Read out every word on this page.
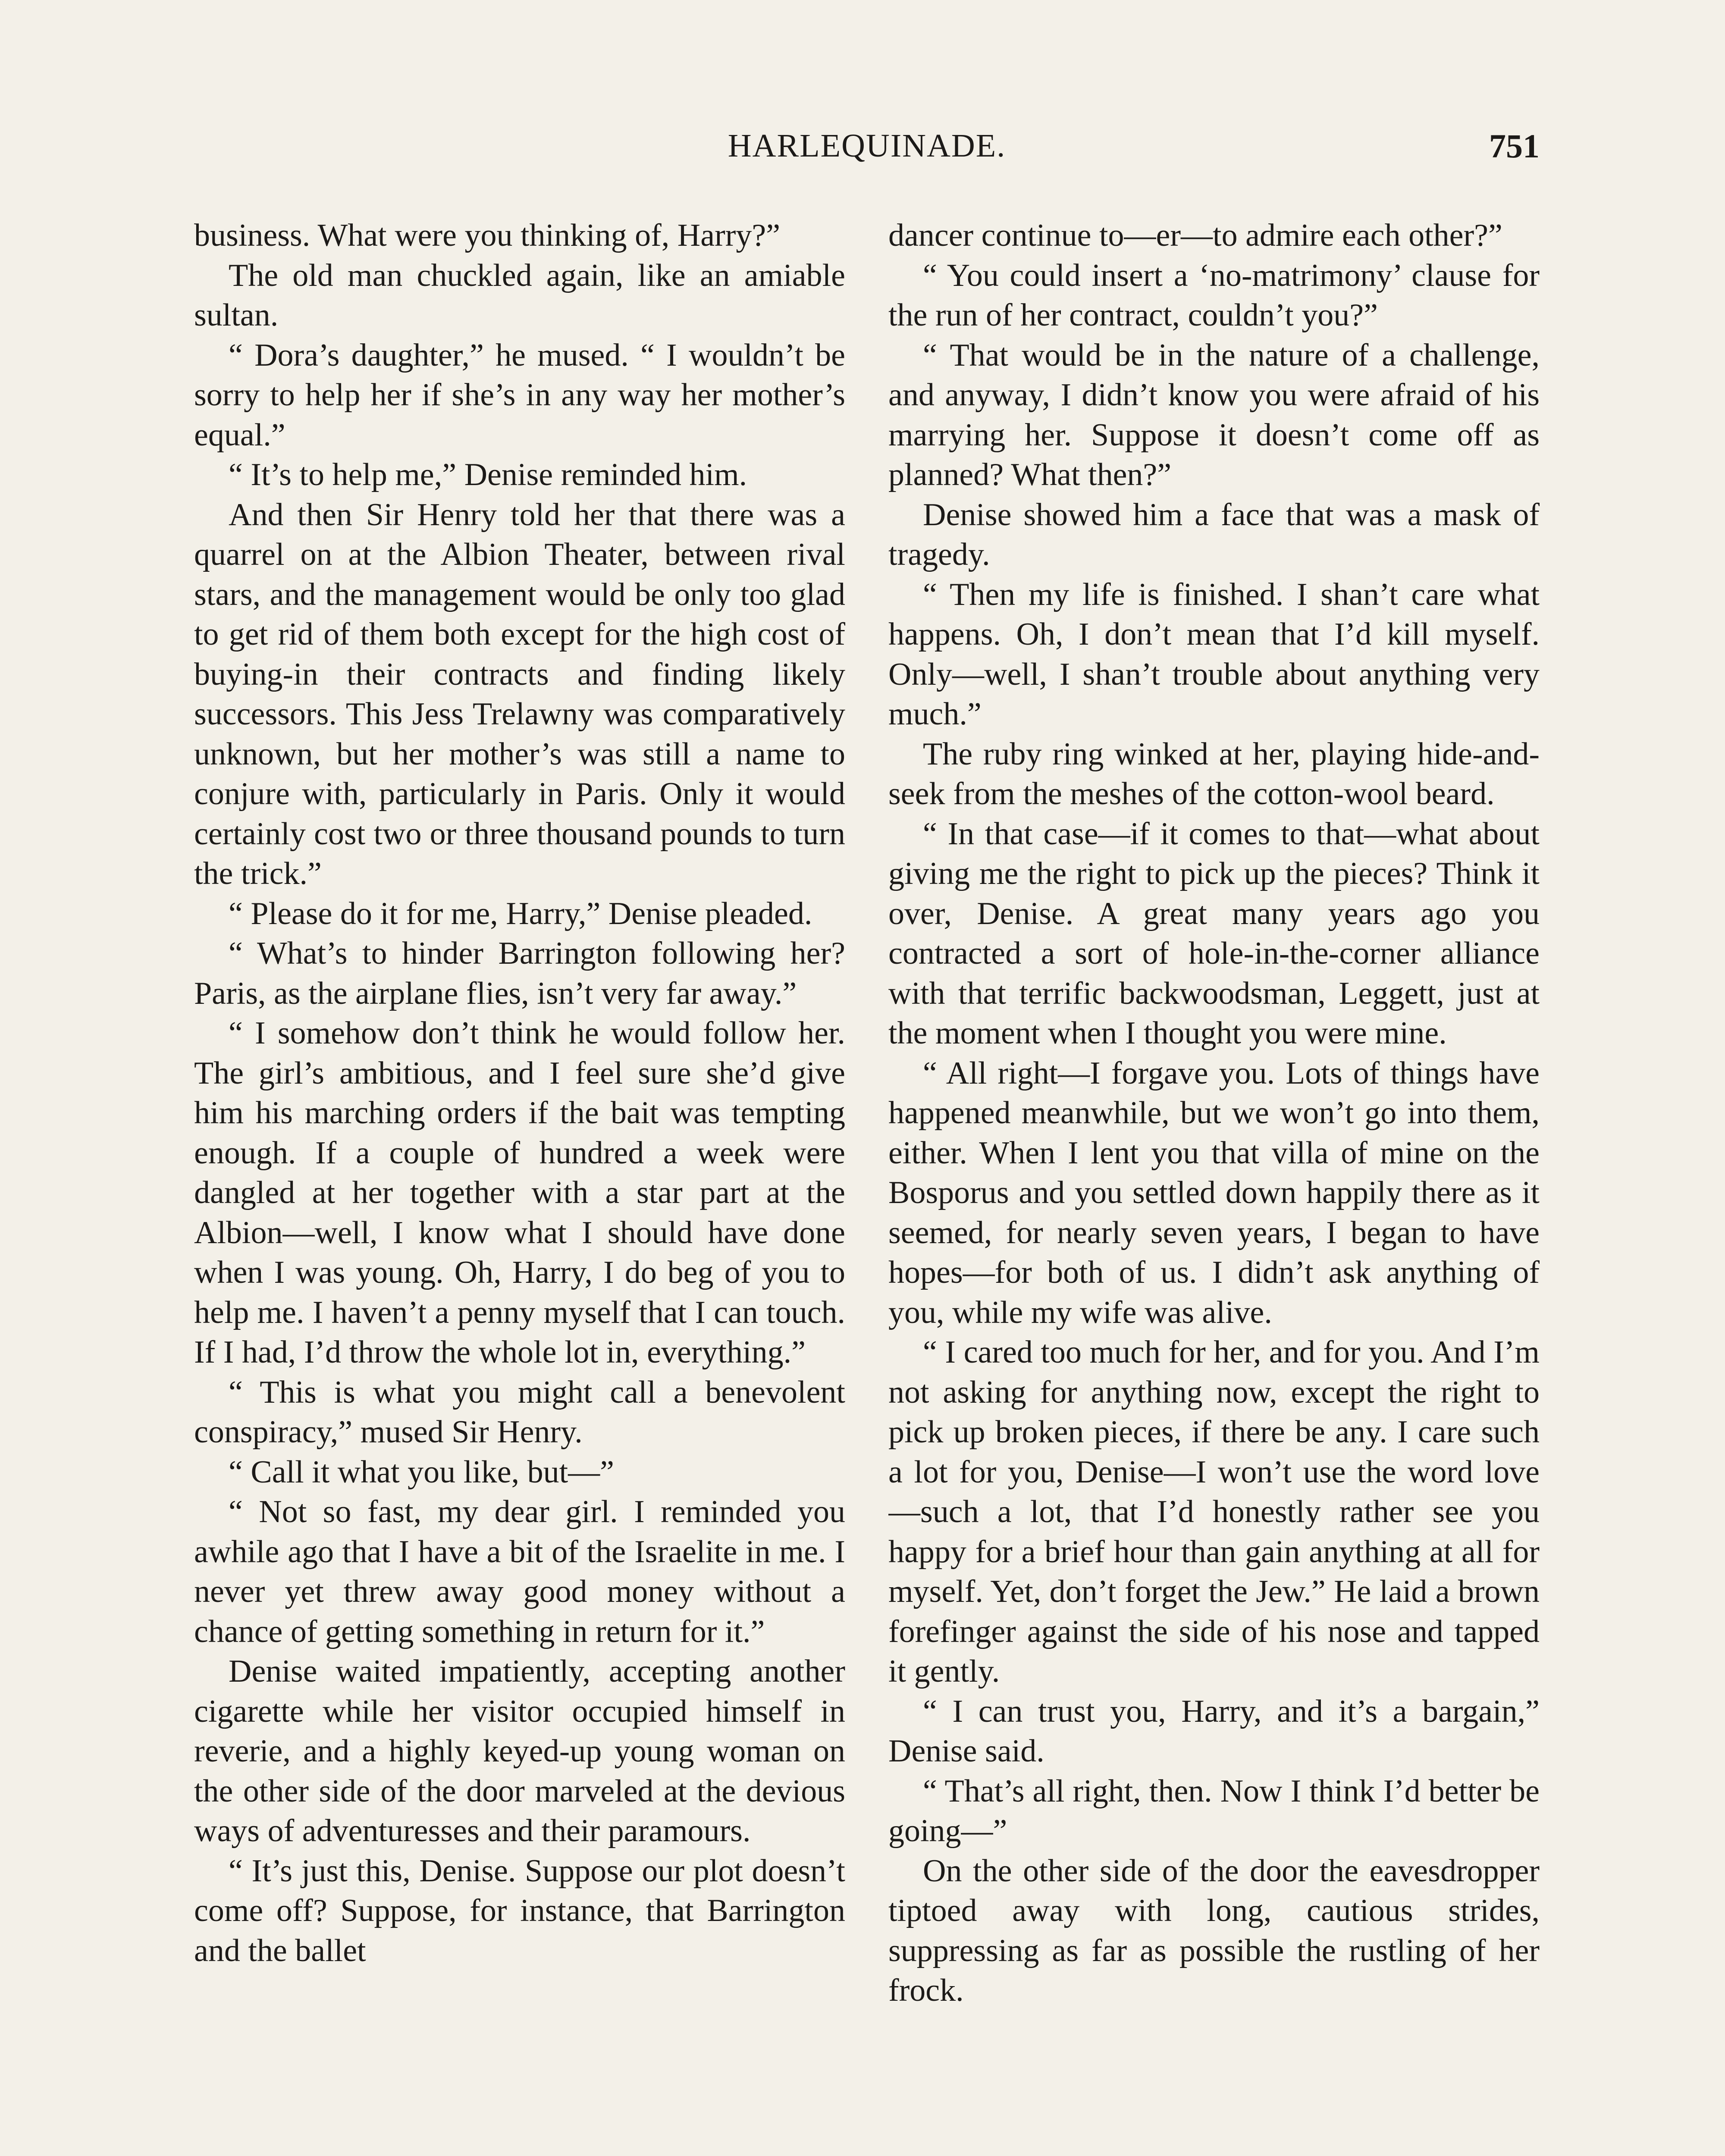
HARLEQUINADE.	751

business. What were you thinking of, Harry?”

The old man chuckled again, like an amiable sultan.

“ Dora’s daughter,” he mused. “ I wouldn’t be sorry to help her if she’s in any way her mother’s equal.”

“ It’s to help me,” Denise reminded him.

And then Sir Henry told her that there was a quarrel on at the Albion Theater, between rival stars, and the management would be only too glad to get rid of them both except for the high cost of buying-in their contracts and finding likely successors. This Jess Trelawny was comparatively unknown, but her mother’s was still a name to conjure with, particularly in Paris. Only it would certainly cost two or three thousand pounds to turn the trick.”

“ Please do it for me, Harry,” Denise pleaded.

“ What’s to hinder Barrington following her? Paris, as the airplane flies, isn’t very far away.”

“ I somehow don’t think he would follow her. The girl’s ambitious, and I feel sure she’d give him his marching orders if the bait was tempting enough. If a couple of hundred a week were dangled at her together with a star part at the Albion—well, I know what I should have done when I was young. Oh, Harry, I do beg of you to help me. I haven’t a penny myself that I can touch. If I had, I’d throw the whole lot in, everything.”

“ This is what you might call a benevolent conspiracy,” mused Sir Henry.

“ Call it what you like, but—”

“ Not so fast, my dear girl. I reminded you awhile ago that I have a bit of the Israelite in me. I never yet threw away good money without a chance of getting something in return for it.”

Denise waited impatiently, accepting another cigarette while her visitor occupied himself in reverie, and a highly keyed-up young woman on the other side of the door marveled at the devious ways of adventuresses and their paramours.

“ It’s just this, Denise. Suppose our plot doesn’t come off? Suppose, for instance, that Barrington and the ballet

dancer continue to—er—to admire each other?”

“ You could insert a ‘no-matrimony’ clause for the run of her contract, couldn’t you?”

“ That would be in the nature of a challenge, and anyway, I didn’t know you were afraid of his marrying her. Suppose it doesn’t come off as planned? What then?”

Denise showed him a face that was a mask of tragedy.

“ Then my life is finished. I shan’t care what happens. Oh, I don’t mean that I’d kill myself. Only—well, I shan’t trouble about anything very much.”

The ruby ring winked at her, playing hide-and-seek from the meshes of the cotton-wool beard.

“ In that case—if it comes to that—what about giving me the right to pick up the pieces? Think it over, Denise. A great many years ago you contracted a sort of hole-in-the-corner alliance with that terrific backwoodsman, Leggett, just at the moment when I thought you were mine.

“ All right—I forgave you. Lots of things have happened meanwhile, but we won’t go into them, either. When I lent you that villa of mine on the Bosporus and you settled down happily there as it seemed, for nearly seven years, I began to have hopes—for both of us. I didn’t ask anything of you, while my wife was alive.

“ I cared too much for her, and for you. And I’m not asking for anything now, except the right to pick up broken pieces, if there be any. I care such a lot for you, Denise—I won’t use the word love—such a lot, that I’d honestly rather see you happy for a brief hour than gain anything at all for myself. Yet, don’t forget the Jew.” He laid a brown forefinger against the side of his nose and tapped it gently.

“ I can trust you, Harry, and it’s a bargain,” Denise said.

“ That’s all right, then. Now I think I’d better be going—”

On the other side of the door the eavesdropper tiptoed away with long, cautious strides, suppressing as far as possible the rustling of her frock.
